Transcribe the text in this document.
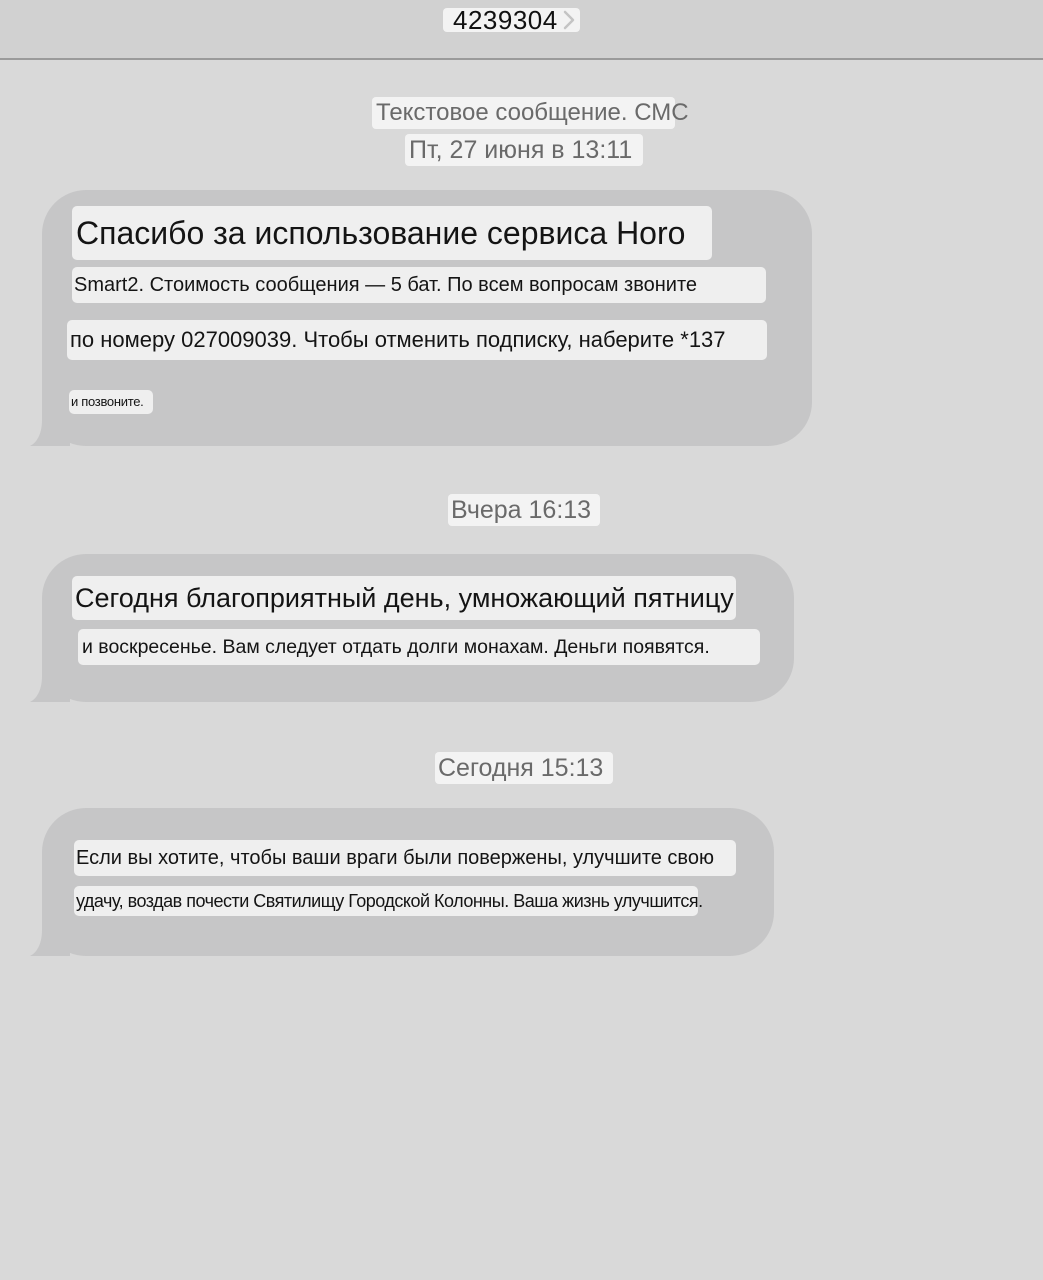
4239304
Текстовое сообщение. СМС
Пт, 27 июня в 13:11
Спасибо за использование сервиса Horo
Smart2. Стоимость сообщения — 5 бат. По всем вопросам звоните
по номеру 027009039. Чтобы отменить подписку, наберите *137
и позвоните.
Вчера 16:13
Сегодня благоприятный день, умножающий пятницу
и воскресенье. Вам следует отдать долги монахам. Деньги появятся.
Сегодня 15:13
Если вы хотите, чтобы ваши враги были повержены, улучшите свою
удачу, воздав почести Святилищу Городской Колонны. Ваша жизнь улучшится.
